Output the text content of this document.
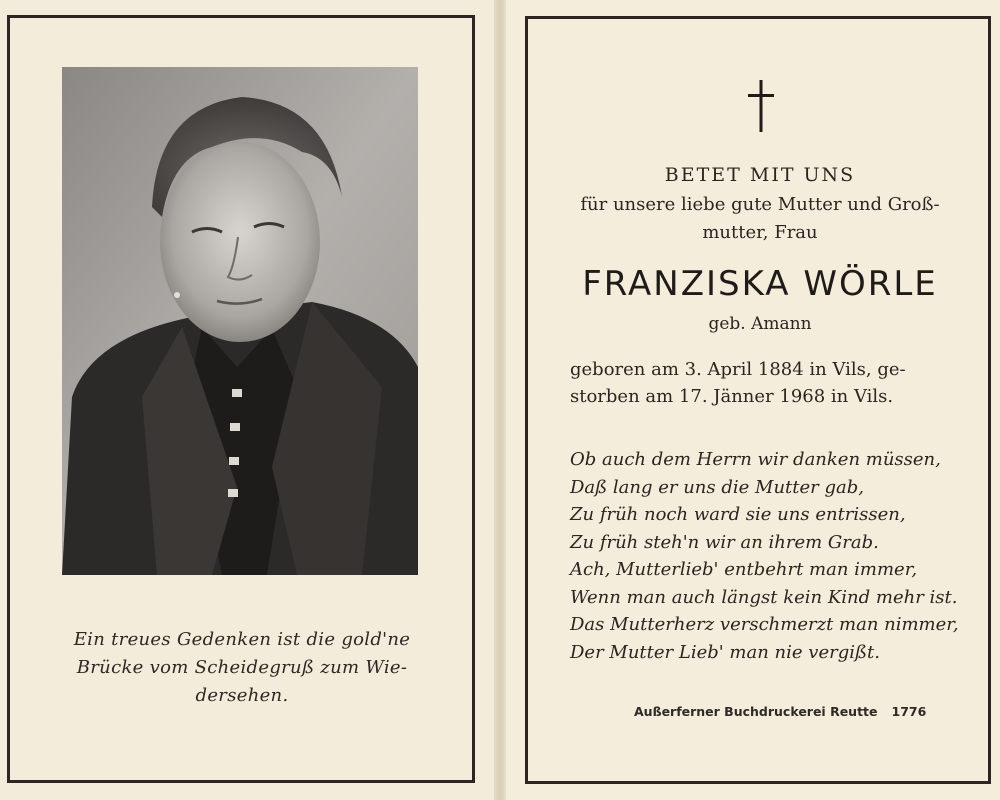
Ein treues Gedenken ist die gold'ne
Brücke vom Scheidegruß zum Wie-
dersehen.
BETET MIT UNS
für unsere liebe gute Mutter und Groß-
mutter, Frau
FRANZISKA WÖRLE
geb. Amann
geboren am 3. April 1884 in Vils, ge-
storben am 17. Jänner 1968 in Vils.
Ob auch dem Herrn wir danken müssen,
Daß lang er uns die Mutter gab,
Zu früh noch ward sie uns entrissen,
Zu früh steh'n wir an ihrem Grab.
Ach, Mutterlieb' entbehrt man immer,
Wenn man auch längst kein Kind mehr ist.
Das Mutterherz verschmerzt man nimmer,
Der Mutter Lieb' man nie vergißt.
Außerferner Buchdruckerei Reutte 1776
